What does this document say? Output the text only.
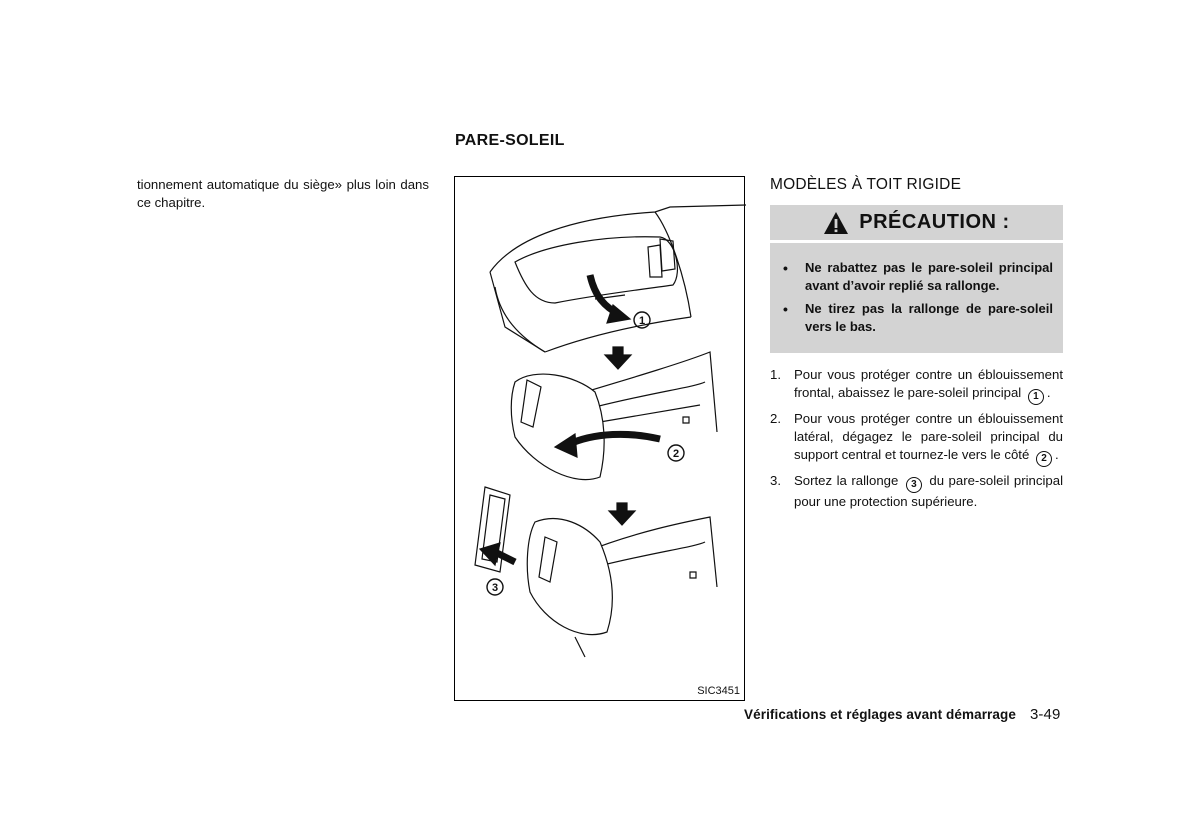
PARE-SOLEIL
tionnement automatique du siège» plus loin dans ce chapitre.
1
2
3
SIC3451
MODÈLES À TOIT RIGIDE
PRÉCAUTION :
• Ne rabattez pas le pare-soleil principal avant d’avoir replié sa rallonge.
• Ne tirez pas la rallonge de pare-soleil vers le bas.
1. Pour vous protéger contre un éblouissement frontal, abaissez le pare-soleil principal 1 .
2. Pour vous protéger contre un éblouissement latéral, dégagez le pare-soleil principal du support central et tournez-le vers le côté 2 .
3. Sortez la rallonge 3 du pare-soleil principal pour une protection supérieure.
Vérifications et réglages avant démarrage 3-49
